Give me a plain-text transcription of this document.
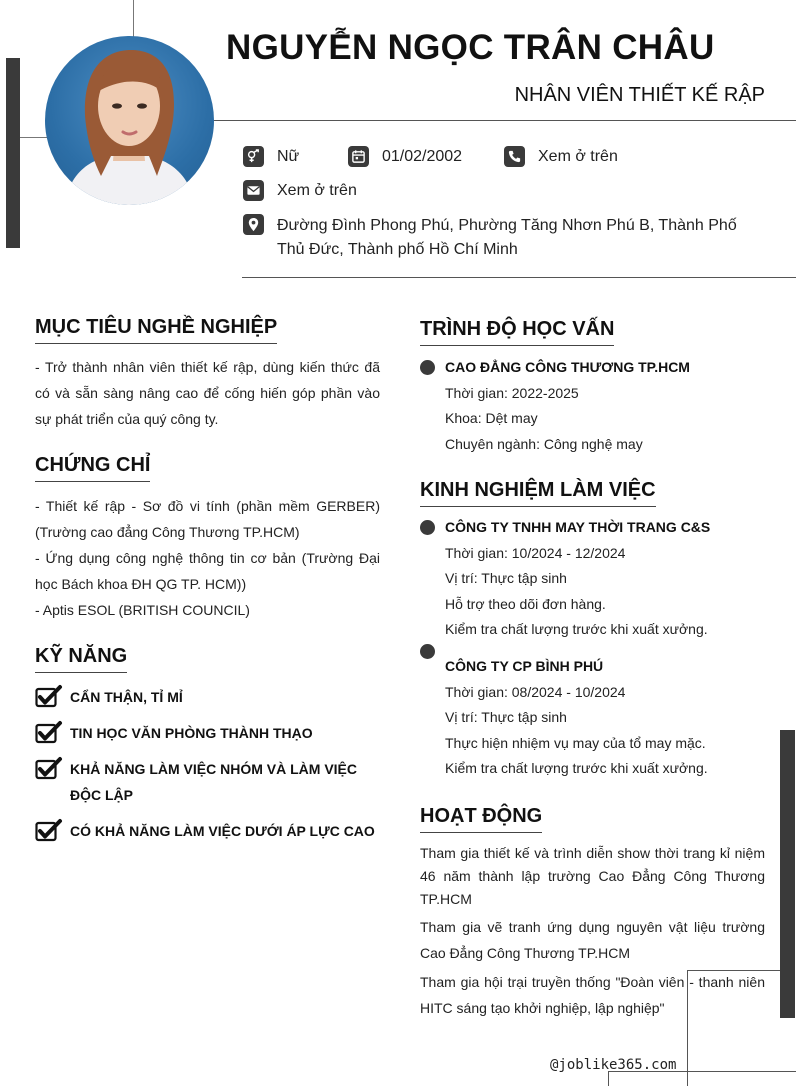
NGUYỄN NGỌC TRÂN CHÂU
NHÂN VIÊN THIẾT KẾ RẬP
Nữ	01/02/2002	Xem ở trên
Xem ở trên
Đường Đình Phong Phú, Phường Tăng Nhơn Phú B, Thành Phố Thủ Đức, Thành phố Hồ Chí Minh
MỤC TIÊU NGHỀ NGHIỆP
- Trở thành nhân viên thiết kế rập, dùng kiến thức đã có và sẵn sàng nâng cao để cống hiến góp phần vào sự phát triển của quý công ty.
CHỨNG CHỈ
- Thiết kế rập - Sơ đồ vi tính (phần mềm GERBER) (Trường cao đẳng Công Thương TP.HCM)
- Ứng dụng công nghệ thông tin cơ bản (Trường Đại học Bách khoa ĐH QG TP. HCM))
- Aptis ESOL (BRITISH COUNCIL)
KỸ NĂNG
CẨN THẬN, TỈ MỈ
TIN HỌC VĂN PHÒNG THÀNH THẠO
KHẢ NĂNG LÀM VIỆC NHÓM VÀ LÀM VIỆC ĐỘC LẬP
CÓ KHẢ NĂNG LÀM VIỆC DƯỚI ÁP LỰC CAO
TRÌNH ĐỘ HỌC VẤN
CAO ĐẲNG CÔNG THƯƠNG TP.HCM
Thời gian: 2022-2025
Khoa: Dệt may
Chuyên ngành: Công nghệ may
KINH NGHIỆM LÀM VIỆC
CÔNG TY TNHH MAY THỜI TRANG C&S
Thời gian: 10/2024 - 12/2024
Vị trí: Thực tập sinh
Hỗ trợ theo dõi đơn hàng.
Kiểm tra chất lượng trước khi xuất xưởng.
CÔNG TY CP BÌNH PHÚ
Thời gian: 08/2024 - 10/2024
Vị trí: Thực tập sinh
Thực hiện nhiệm vụ may của tổ may mặc.
Kiểm tra chất lượng trước khi xuất xưởng.
HOẠT ĐỘNG

Tham gia thiết kế và trình diễn show thời trang kỉ niệm 46 năm thành lập trường Cao Đẳng Công Thương TP.HCM

Tham gia vẽ tranh ứng dụng nguyên vật liệu trường Cao Đẳng Công Thương TP.HCM

Tham gia hội trại truyền thống "Đoàn viên - thanh niên HITC sáng tạo khởi nghiệp, lập nghiệp"

@joblike365.com
